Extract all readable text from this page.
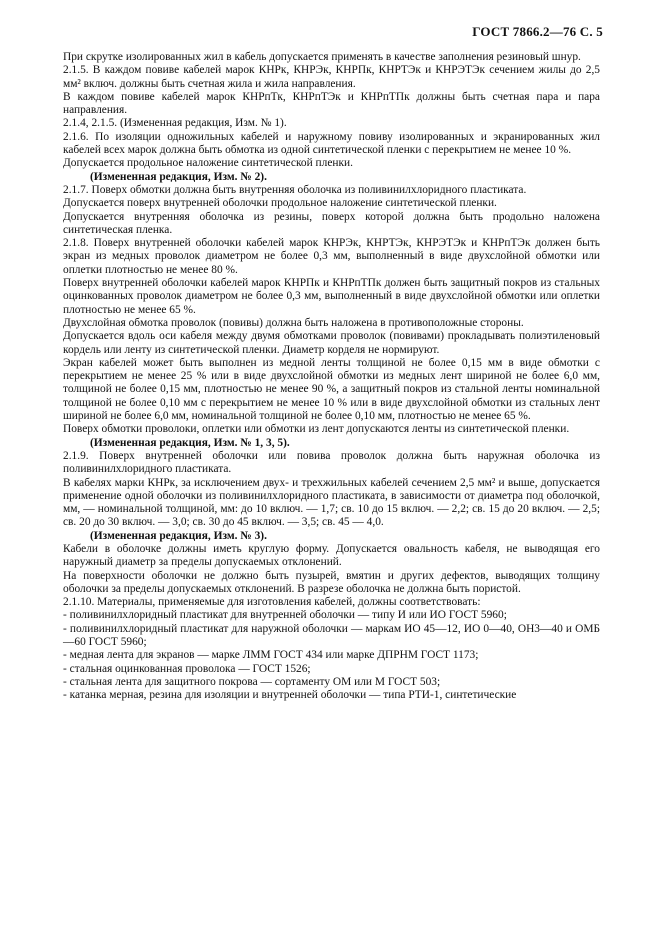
ГОСТ 7866.2—76 С. 5

При скрутке изолированных жил в кабель допускается применять в качестве заполнения резиновый шнур.

2.1.5. В каждом повиве кабелей марок КНРк, КНРЭк, КНРПк, КНРТЭк и КНРЭТЭк сечением жилы до 2,5 мм² включ. должны быть счетная жила и жила направления.

В каждом повиве кабелей марок КНРпТк, КНРпТЭк и КНРпТПк должны быть счетная пара и пара направления.

2.1.4, 2.1.5. (Измененная редакция, Изм. № 1).

2.1.6. По изоляции одножильных кабелей и наружному повиву изолированных и экранированных жил кабелей всех марок должна быть обмотка из одной синтетической пленки с перекрытием не менее 10 %.

Допускается продольное наложение синтетической пленки.

(Измененная редакция, Изм. № 2).

2.1.7. Поверх обмотки должна быть внутренняя оболочка из поливинилхлоридного пластиката.

Допускается поверх внутренней оболочки продольное наложение синтетической пленки.

Допускается внутренняя оболочка из резины, поверх которой должна быть продольно наложена синтетическая пленка.

2.1.8. Поверх внутренней оболочки кабелей марок КНРЭк, КНРТЭк, КНРЭТЭк и КНРпТЭк должен быть экран из медных проволок диаметром не более 0,3 мм, выполненный в виде двухслойной обмотки или оплетки плотностью не менее 80 %.

Поверх внутренней оболочки кабелей марок КНРПк и КНРпТПк должен быть защитный покров из стальных оцинкованных проволок диаметром не более 0,3 мм, выполненный в виде двухслойной обмотки или оплетки плотностью не менее 65 %.

Двухслойная обмотка проволок (повивы) должна быть наложена в противоположные стороны.

Допускается вдоль оси кабеля между двумя обмотками проволок (повивами) прокладывать полиэтиленовый кордель или ленту из синтетической пленки. Диаметр корделя не нормируют.

Экран кабелей может быть выполнен из медной ленты толщиной не более 0,15 мм в виде обмотки с перекрытием не менее 25 % или в виде двухслойной обмотки из медных лент шириной не более 6,0 мм, толщиной не более 0,15 мм, плотностью не менее 90 %, а защитный покров из стальной ленты номинальной толщиной не более 0,10 мм с перекрытием не менее 10 % или в виде двухслойной обмотки из стальных лент шириной не более 6,0 мм, номинальной толщиной не более 0,10 мм, плотностью не менее 65 %.

Поверх обмотки проволоки, оплетки или обмотки из лент допускаются ленты из синтетической пленки.

(Измененная редакция, Изм. № 1, 3, 5).

2.1.9. Поверх внутренней оболочки или повива проволок должна быть наружная оболочка из поливинилхлоридного пластиката.

В кабелях марки КНРк, за исключением двух- и трехжильных кабелей сечением 2,5 мм² и выше, допускается применение одной оболочки из поливинилхлоридного пластиката, в зависимости от диаметра под оболочкой, мм, — номинальной толщиной, мм: до 10 включ. — 1,7; св. 10 до 15 включ. — 2,2; св. 15 до 20 включ. — 2,5; св. 20 до 30 включ. — 3,0; св. 30 до 45 включ. — 3,5; св. 45 — 4,0.

(Измененная редакция, Изм. № 3).

Кабели в оболочке должны иметь круглую форму. Допускается овальность кабеля, не выводящая его наружный диаметр за пределы допускаемых отклонений.

На поверхности оболочки не должно быть пузырей, вмятин и других дефектов, выводящих толщину оболочки за пределы допускаемых отклонений. В разрезе оболочка не должна быть пористой.

2.1.10. Материалы, применяемые для изготовления кабелей, должны соответствовать:

- поливинилхлоридный пластикат для внутренней оболочки — типу И или ИО ГОСТ 5960;

- поливинилхлоридный пластикат для наружной оболочки — маркам ИО 45—12, ИО 0—40, ОН3—40 и ОМБ—60 ГОСТ 5960;

- медная лента для экранов — марке ЛММ ГОСТ 434 или марке ДПРНМ ГОСТ 1173;

- стальная оцинкованная проволока — ГОСТ 1526;

- стальная лента для защитного покрова — сортаменту ОМ или М ГОСТ 503;

- катанка мерная, резина для изоляции и внутренней оболочки — типа РТИ-1, синтетические
